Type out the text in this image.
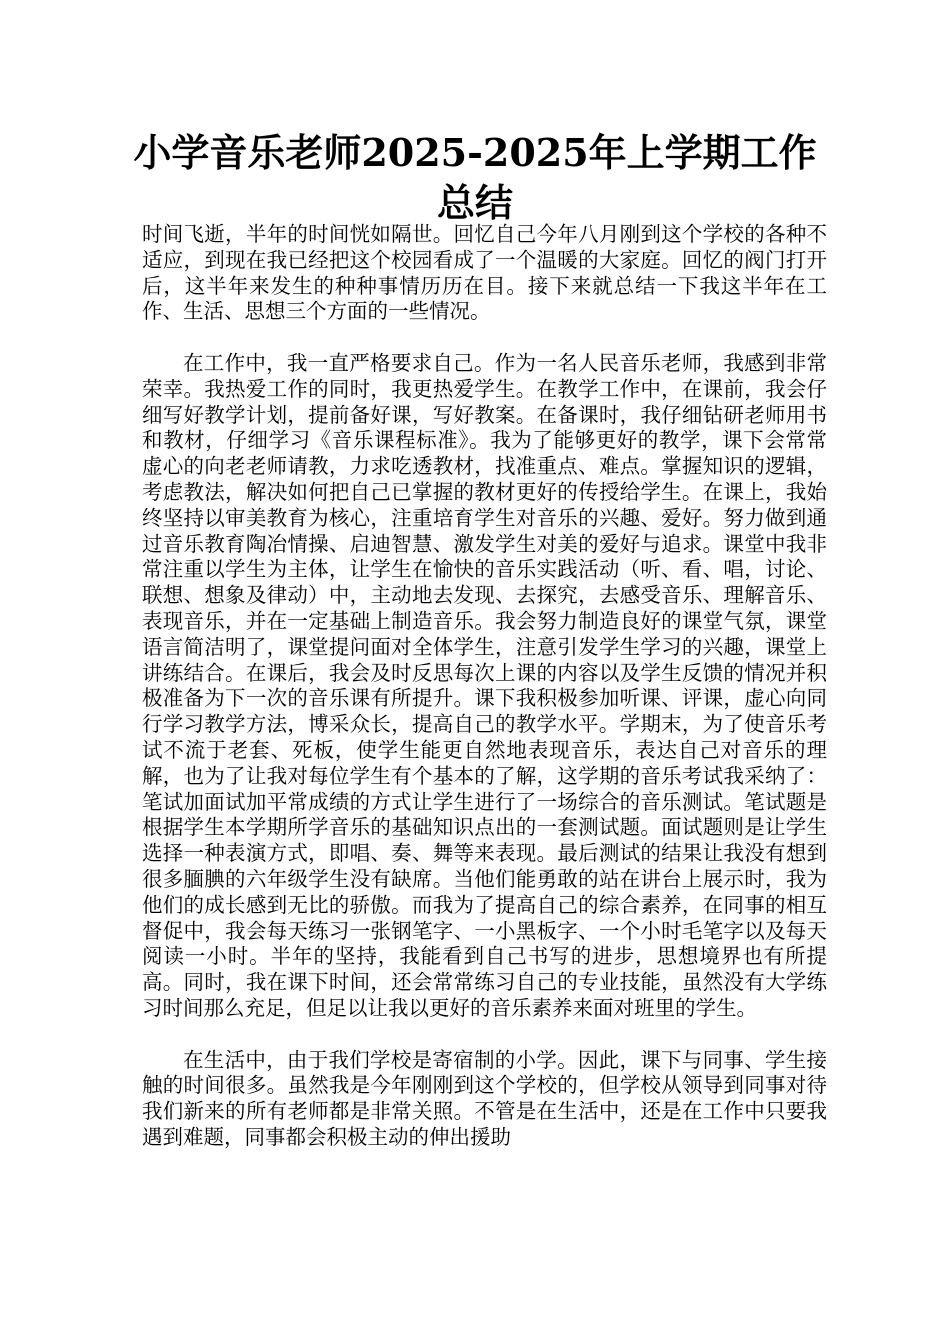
小学音乐老师2025-2025年上学期工作总结

时间飞逝，半年的时间恍如隔世。回忆自己今年八月刚到这个学校的各种不适应，到现在我已经把这个校园看成了一个温暖的大家庭。回忆的阀门打开后，这半年来发生的种种事情历历在目。接下来就总结一下我这半年在工作、生活、思想三个方面的一些情况。

在工作中，我一直严格要求自己。作为一名人民音乐老师，我感到非常荣幸。我热爱工作的同时，我更热爱学生。在教学工作中，在课前，我会仔细写好教学计划，提前备好课，写好教案。在备课时，我仔细钻研老师用书和教材，仔细学习《音乐课程标准》。我为了能够更好的教学，课下会常常虚心的向老老师请教，力求吃透教材，找准重点、难点。掌握知识的逻辑，考虑教法，解决如何把自己已掌握的教材更好的传授给学生。在课上，我始终坚持以审美教育为核心，注重培育学生对音乐的兴趣、爱好。努力做到通过音乐教育陶冶情操、启迪智慧、激发学生对美的爱好与追求。课堂中我非常注重以学生为主体，让学生在愉快的音乐实践活动（听、看、唱，讨论、联想、想象及律动）中，主动地去发现、去探究，去感受音乐、理解音乐、表现音乐，并在一定基础上制造音乐。我会努力制造良好的课堂气氛，课堂语言简洁明了，课堂提问面对全体学生，注意引发学生学习的兴趣，课堂上讲练结合。在课后，我会及时反思每次上课的内容以及学生反馈的情况并积极准备为下一次的音乐课有所提升。课下我积极参加听课、评课，虚心向同行学习教学方法，博采众长，提高自己的教学水平。学期末，为了使音乐考试不流于老套、死板，使学生能更自然地表现音乐，表达自己对音乐的理解，也为了让我对每位学生有个基本的了解，这学期的音乐考试我采纳了：笔试加面试加平常成绩的方式让学生进行了一场综合的音乐测试。笔试题是根据学生本学期所学音乐的基础知识点出的一套测试题。面试题则是让学生选择一种表演方式，即唱、奏、舞等来表现。最后测试的结果让我没有想到很多腼腆的六年级学生没有缺席。当他们能勇敢的站在讲台上展示时，我为他们的成长感到无比的骄傲。而我为了提高自己的综合素养，在同事的相互督促中，我会每天练习一张钢笔字、一小黑板字、一个小时毛笔字以及每天阅读一小时。半年的坚持，我能看到自己书写的进步，思想境界也有所提高。同时，我在课下时间，还会常常练习自己的专业技能，虽然没有大学练习时间那么充足，但足以让我以更好的音乐素养来面对班里的学生。

在生活中，由于我们学校是寄宿制的小学。因此，课下与同事、学生接触的时间很多。虽然我是今年刚刚到这个学校的，但学校从领导到同事对待我们新来的所有老师都是非常关照。不管是在生活中，还是在工作中只要我遇到难题，同事都会积极主动的伸出援助
